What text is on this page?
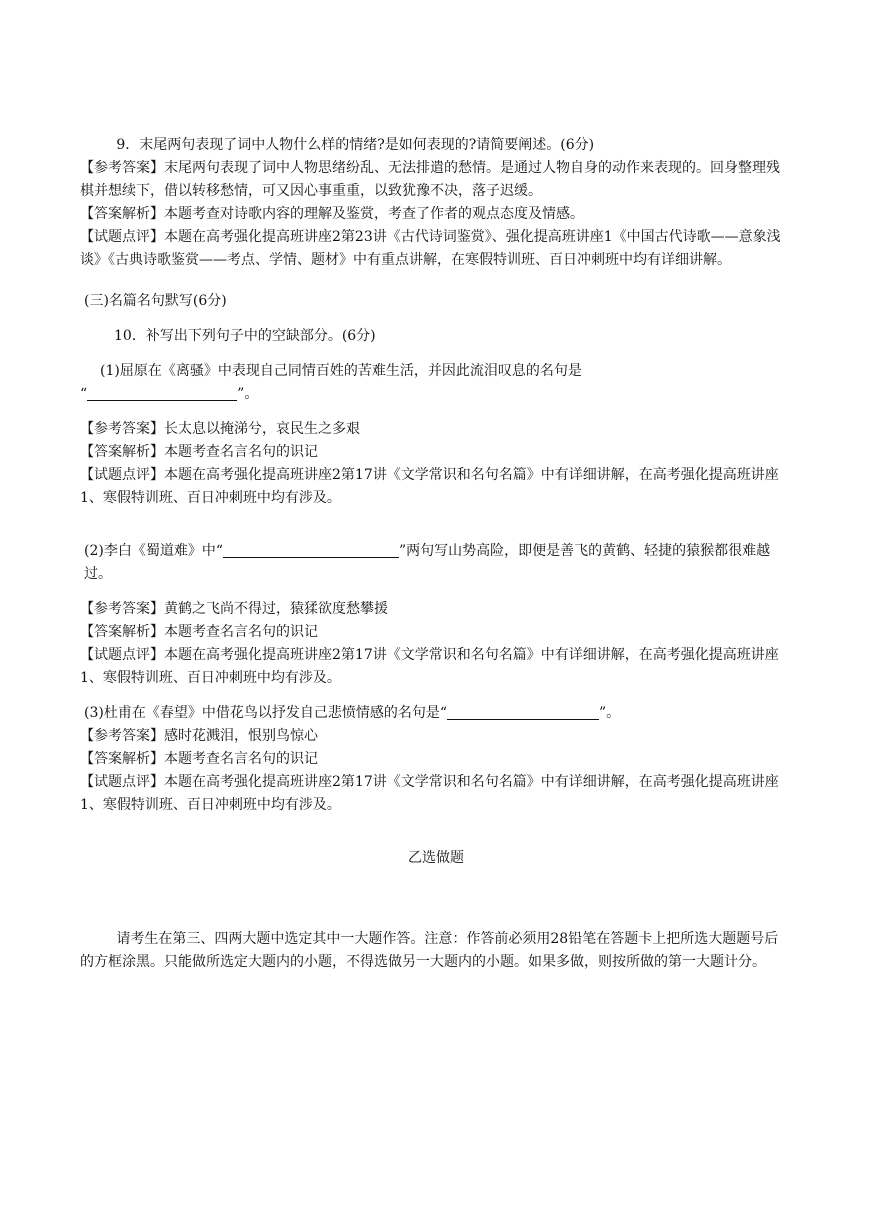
9．末尾两句表现了词中人物什么样的情绪?是如何表现的?请简要阐述。(6分)

【参考答案】末尾两句表现了词中人物思绪纷乱、无法排遣的愁情。是通过人物自身的动作来表现的。回身整理残棋并想续下，借以转移愁情，可又因心事重重，以致犹豫不决，落子迟缓。

【答案解析】本题考查对诗歌内容的理解及鉴赏，考查了作者的观点态度及情感。

【试题点评】本题在高考强化提高班讲座2第23讲《古代诗词鉴赏》、强化提高班讲座1《中国古代诗歌——意象浅谈》《古典诗歌鉴赏——考点、学情、题材》中有重点讲解，在寒假特训班、百日冲刺班中均有详细讲解。

(三)名篇名句默写(6分)

10．补写出下列句子中的空缺部分。(6分)

(1)屈原在《离骚》中表现自己同情百姓的苦难生活，并因此流泪叹息的名句是

“	”。

【参考答案】长太息以掩涕兮，哀民生之多艰

【答案解析】本题考查名言名句的识记

【试题点评】本题在高考强化提高班讲座2第17讲《文学常识和名句名篇》中有详细讲解，在高考强化提高班讲座1、寒假特训班、百日冲刺班中均有涉及。

(2)李白《蜀道难》中“	”两句写山势高险，即便是善飞的黄鹤、轻捷的猿猴都很难越过。

【参考答案】黄鹤之飞尚不得过，猿猱欲度愁攀援

【答案解析】本题考查名言名句的识记

【试题点评】本题在高考强化提高班讲座2第17讲《文学常识和名句名篇》中有详细讲解，在高考强化提高班讲座1、寒假特训班、百日冲刺班中均有涉及。

(3)杜甫在《春望》中借花鸟以抒发自己悲愤情感的名句是“	”。

【参考答案】感时花溅泪，恨别鸟惊心

【答案解析】本题考查名言名句的识记

【试题点评】本题在高考强化提高班讲座2第17讲《文学常识和名句名篇》中有详细讲解，在高考强化提高班讲座1、寒假特训班、百日冲刺班中均有涉及。

乙选做题

请考生在第三、四两大题中选定其中一大题作答。注意：作答前必须用28铅笔在答题卡上把所选大题题号后的方框涂黑。只能做所选定大题内的小题，不得选做另一大题内的小题。如果多做，则按所做的第一大题计分。
